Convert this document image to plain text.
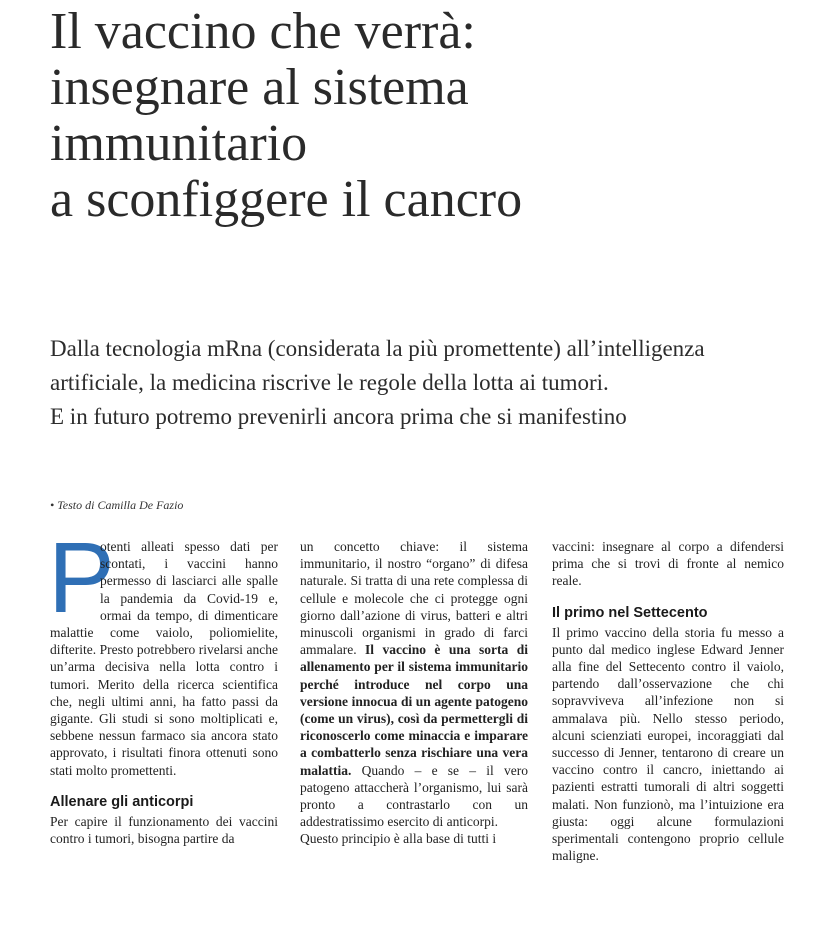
Il vaccino che verrà:
insegnare al sistema
immunitario
a sconfiggere il cancro
Dalla tecnologia mRna (considerata la più promettente) all’intelligenza
artificiale, la medicina riscrive le regole della lotta ai tumori.
E in futuro potremo prevenirli ancora prima che si manifestino
• Testo di Camilla De Fazio
P

otenti alleati spesso dati per scontati, i vaccini hanno permesso di lasciarci alle spalle la pandemia da Covid-19 e, ormai da tempo, di dimenticare malattie come vaiolo, poliomielite, difterite. Presto potrebbero rivelarsi anche un’arma decisiva nella lotta contro i tumori. Merito della ricerca scientifica che, negli ultimi anni, ha fatto passi da gigante. Gli studi si sono moltiplicati e, sebbene nessun farmaco sia ancora stato approvato, i risultati finora ottenuti sono stati molto promettenti.

Allenare gli anticorpi

Per capire il funzionamento dei vaccini contro i tumori, bisogna partire da

un concetto chiave: il sistema immunitario, il nostro “organo” di difesa naturale. Si tratta di una rete complessa di cellule e molecole che ci protegge ogni giorno dall’azione di virus, batteri e altri minuscoli organismi in grado di farci ammalare. Il vaccino è una sorta di allenamento per il sistema immunitario perché introduce nel corpo una versione innocua di un agente patogeno (come un virus), così da permettergli di riconoscerlo come minaccia e imparare a combatterlo senza rischiare una vera malattia. Quando – e se – il vero patogeno attaccherà l’organismo, lui sarà pronto a contrastarlo con un addestratissimo esercito di anticorpi.

Questo principio è alla base di tutti i

vaccini: insegnare al corpo a difendersi prima che si trovi di fronte al nemico reale.

Il primo nel Settecento

Il primo vaccino della storia fu messo a punto dal medico inglese Edward Jenner alla fine del Settecento contro il vaiolo, partendo dall’osservazione che chi sopravviveva all’infezione non si ammalava più. Nello stesso periodo, alcuni scienziati europei, incoraggiati dal successo di Jenner, tentarono di creare un vaccino contro il cancro, iniettando ai pazienti estratti tumorali di altri soggetti malati. Non funzionò, ma l’intuizione era giusta: oggi alcune formulazioni sperimentali contengono proprio cellule maligne.
